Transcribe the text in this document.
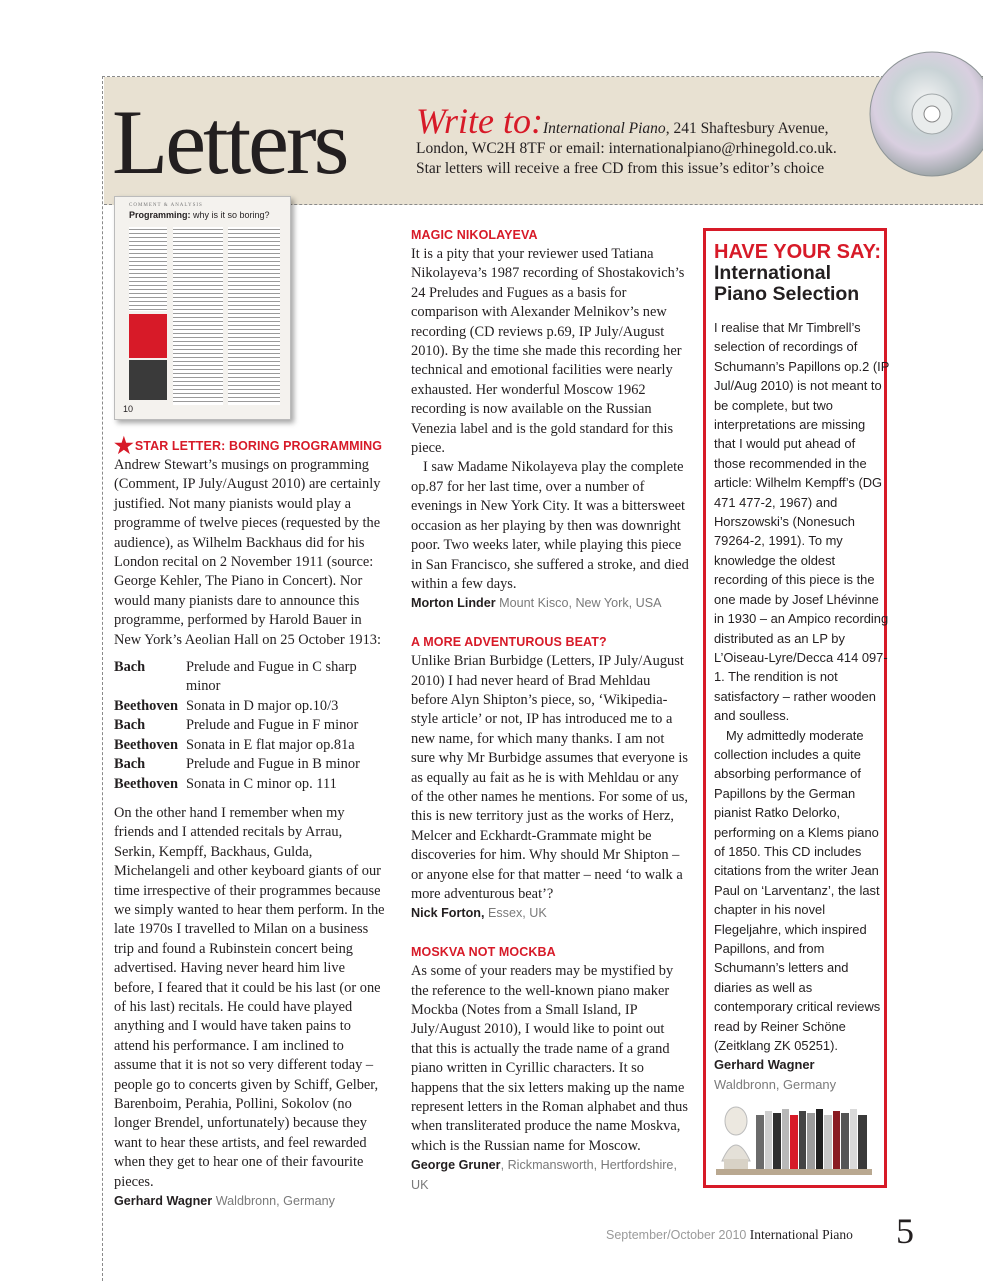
Letters Write to:International Piano, 241 Shaftesbury Avenue,
London, WC2H 8TF or email: internationalpiano@rhinegold.co.uk.
Star letters will receive a free CD from this issue’s editor’s choice
COMMENT & ANALYSIS
Programming: why is it so boring?
10
★STAR LETTER: BORING PROGRAMMING

Andrew Stewart’s musings on programming (Comment, IP July/August 2010) are certainly justified. Not many pianists would play a programme of twelve pieces (requested by the audience), as Wilhelm Backhaus did for his London recital on 2 November 1911 (source: George Kehler, The Piano in Concert). Nor would many pianists dare to announce this programme, performed by Harold Bauer in New York’s Aeolian Hall on 25 October 1913:

Bach	Prelude and Fugue in C sharp minor
Beethoven	Sonata in D major op.10/3
Bach	Prelude and Fugue in F minor
Beethoven	Sonata in E flat major op.81a
Bach	Prelude and Fugue in B minor
Beethoven	Sonata in C minor op. 111

On the other hand I remember when my friends and I attended recitals by Arrau, Serkin, Kempff, Backhaus, Gulda, Michelangeli and other keyboard giants of our time irrespective of their programmes because we simply wanted to hear them perform. In the late 1970s I travelled to Milan on a business trip and found a Rubinstein concert being advertised. Having never heard him live before, I feared that it could be his last (or one of his last) recitals. He could have played anything and I would have taken pains to attend his performance. I am inclined to assume that it is not so very different today – people go to concerts given by Schiff, Gelber, Barenboim, Perahia, Pollini, Sokolov (no longer Brendel, unfortunately) because they want to hear these artists, and feel rewarded when they get to hear one of their favourite pieces.

Gerhard Wagner Waldbronn, Germany
MAGIC NIKOLAYEVA

It is a pity that your reviewer used Tatiana Nikolayeva’s 1987 recording of Shostakovich’s 24 Preludes and Fugues as a basis for comparison with Alexander Melnikov’s new recording (CD reviews p.69, IP July/August 2010). By the time she made this recording her technical and emotional facilities were nearly exhausted. Her wonderful Moscow 1962 recording is now available on the Russian Venezia label and is the gold standard for this piece.

I saw Madame Nikolayeva play the complete op.87 for her last time, over a number of evenings in New York City. It was a bittersweet occasion as her playing by then was downright poor. Two weeks later, while playing this piece in San Francisco, she suffered a stroke, and died within a few days.

Morton Linder Mount Kisco, New York, USA
A MORE ADVENTUROUS BEAT?

Unlike Brian Burbidge (Letters, IP July/August 2010) I had never heard of Brad Mehldau before Alyn Shipton’s piece, so, ‘Wikipedia-style article’ or not, IP has introduced me to a new name, for which many thanks. I am not sure why Mr Burbidge assumes that everyone is as equally au fait as he is with Mehldau or any of the other names he mentions. For some of us, this is new territory just as the works of Herz, Melcer and Eckhardt-Grammate might be discoveries for him. Why should Mr Shipton – or anyone else for that matter – need ‘to walk a more adventurous beat’?

Nick Forton, Essex, UK
MOSKVA NOT MOCKBA

As some of your readers may be mystified by the reference to the well-known piano maker Mockba (Notes from a Small Island, IP July/August 2010), I would like to point out that this is actually the trade name of a grand piano written in Cyrillic characters. It so happens that the six letters making up the name represent letters in the Roman alphabet and thus when transliterated produce the name Moskva, which is the Russian name for Moscow.

George Gruner, Rickmansworth, Hertfordshire, UK
HAVE YOUR SAY:
International Piano Selection

I realise that Mr Timbrell’s selection of recordings of Schumann’s Papillons op.2 (IP Jul/Aug 2010) is not meant to be complete, but two interpretations are missing that I would put ahead of those recommended in the article: Wilhelm Kempff’s (DG 471 477-2, 1967) and Horszowski’s (Nonesuch 79264-2, 1991). To my knowledge the oldest recording of this piece is the one made by Josef Lhévinne in 1930 – an Ampico recording distributed as an LP by L’Oiseau-Lyre/Decca 414 097-1. The rendition is not satisfactory – rather wooden and soulless.

My admittedly moderate collection includes a quite absorbing performance of Papillons by the German pianist Ratko Delorko, performing on a Klems piano of 1850. This CD includes citations from the writer Jean Paul on ‘Larventanz’, the last chapter in his novel Flegeljahre, which inspired Papillons, and from Schumann’s letters and diaries as well as contemporary critical reviews read by Reiner Schöne (Zeitklang ZK 05251).

Gerhard Wagner
Waldbronn, Germany
September/October 2010 International Piano 5
